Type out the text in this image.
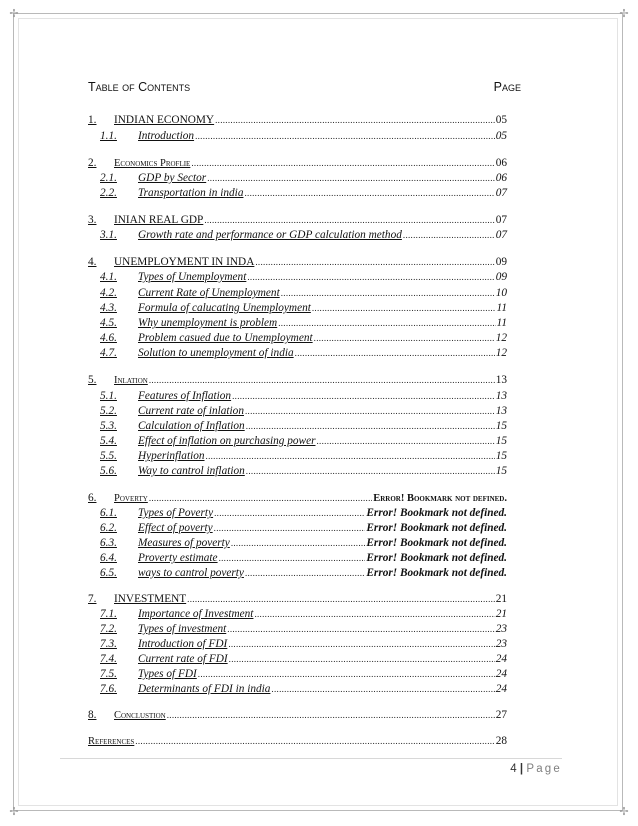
✢	✢
✢	✢
Table of Contents	Page
1.	INDIAN ECONOMY .....	05
1.1.	Introduction .....	05
2.	Economics Proflie .....	06
2.1.	GDP by Sector .....	06
2.2.	Transportation in india .....	07
3.	INIAN REAL GDP .....	07
3.1.	Growth rate and performance or GDP calculation method .....	07
4.	UNEMPLOYMENT IN INDA .....	09
4.1.	Types of Unemployment .....	09
4.2.	Current Rate of Unemployment .....	10
4.3.	Formula of calucating Unemployment .....	11
4.5.	Why unemployment is problem .....	11
4.6.	Problem casued due to Unemployment .....	12
4.7.	Solution to unemployment of india .....	12
5.	Inlation .....	13
5.1.	Features of Inflation .....	13
5.2.	Current rate of inlation .....	13
5.3.	Calculation of Inflation .....	15
5.4.	Effect of inflation on purchasing power .....	15
5.5.	Hyperinflation .....	15
5.6.	Way to cantrol inflation .....	15
6.	Poverty .....	Error! Bookmark not defined.
6.1.	Types of Poverty .....	Error! Bookmark not defined.
6.2.	Effect of poverty .....	Error! Bookmark not defined.
6.3.	Measures of poverty .....	Error! Bookmark not defined.
6.4.	Proverty estimate .....	Error! Bookmark not defined.
6.5.	ways to cantrol poverty .....	Error! Bookmark not defined.
7.	INVESTMENT .....	21
7.1.	Importance of Investment .....	21
7.2.	Types of investment .....	23
7.3.	Introduction of FDI .....	23
7.4.	Current rate of FDI .....	24
7.5.	Types of FDI .....	24
7.6.	Determinants of FDI in india .....	24
8.	Conclustion .....	27
References .....	28
4 | Page
